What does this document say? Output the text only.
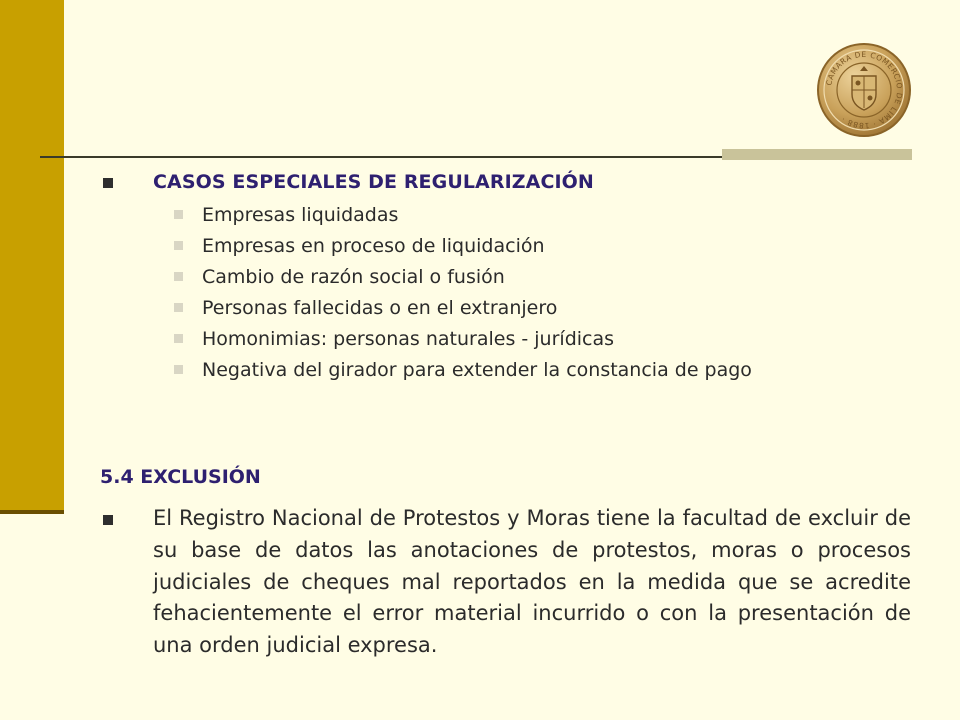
CAMARA DE COMERCIO DE LIMA · 1888 ·
CASOS ESPECIALES DE REGULARIZACIÓN
Empresas liquidadas
Empresas en proceso de liquidación
Cambio de razón social o fusión
Personas fallecidas o en el extranjero
Homonimias: personas naturales - jurídicas
Negativa del girador para extender la constancia de pago
5.4 EXCLUSIÓN

El Registro Nacional de Protestos y Moras tiene la facultad de excluir de su base de datos las anotaciones de protestos, moras o procesos judiciales de cheques mal reportados en la medida que se acredite fehacientemente el error material incurrido o con la presentación de una orden judicial expresa.
